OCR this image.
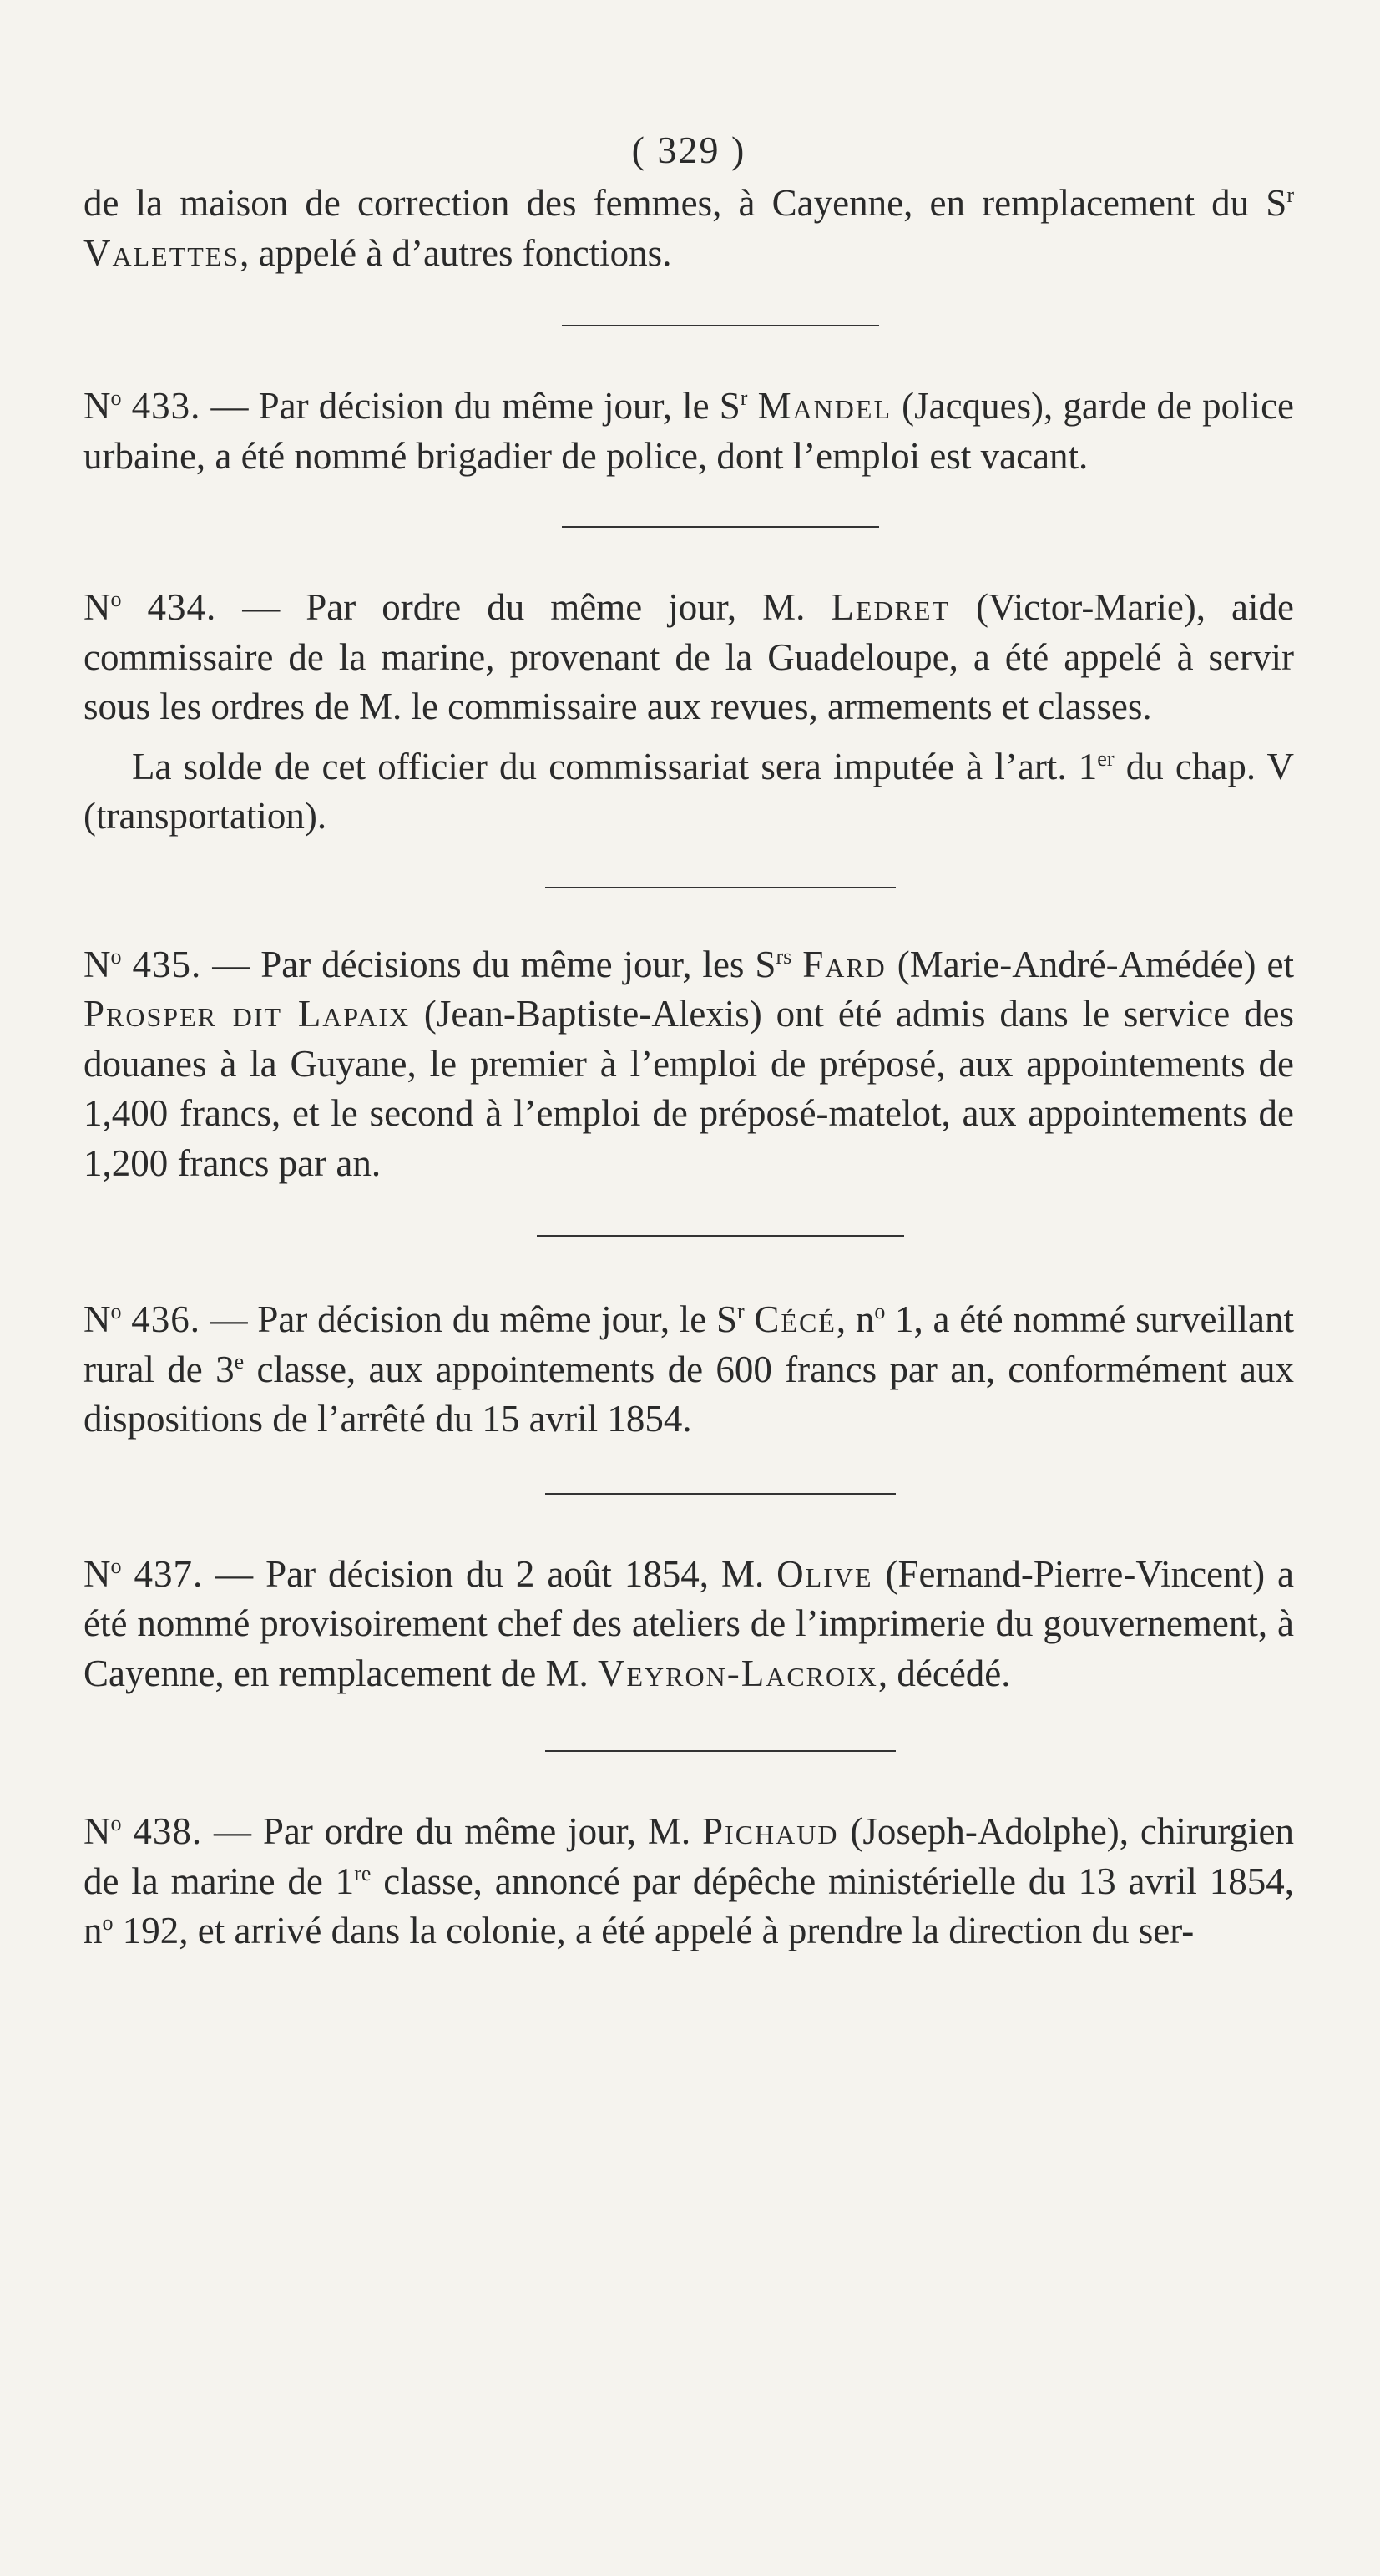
( 329 )

de la maison de correction des femmes, à Cayenne, en remplacement du $S^r$ Valettes, appelé à d’autres fonctions.

$N^o$ 433. — Par décision du même jour, le $S^r$ Mandel (Jacques), garde de police urbaine, a été nommé brigadier de police, dont l’emploi est vacant.

$N^o$ 434. — Par ordre du même jour, M. Ledret (Victor-Marie), aide commissaire de la marine, provenant de la Guadeloupe, a été appelé à servir sous les ordres de M. le commissaire aux revues, armements et classes.

La solde de cet officier du commissariat sera imputée à l’art. 1er du chap. V (transportation).

$N^o$ 435. — Par décisions du même jour, les $S^{rs}$ Fard (Marie-André-Amédée) et Prosper dit Lapaix (Jean-Baptiste-Alexis) ont été admis dans le service des douanes à la Guyane, le premier à l’emploi de préposé, aux appointements de 1,400 francs, et le second à l’emploi de préposé-matelot, aux appointements de 1,200 francs par an.

$N^o$ 436. — Par décision du même jour, le $S^r$ Cécé, $n^o$ 1, a été nommé surveillant rural de 3e classe, aux appointements de 600 francs par an, conformément aux dispositions de l’arrêté du 15 avril 1854.

$N^o$ 437. — Par décision du 2 août 1854, M. Olive (Fernand-Pierre-Vincent) a été nommé provisoirement chef des ateliers de l’imprimerie du gouvernement, à Cayenne, en remplacement de M. Veyron-Lacroix, décédé.

$N^o$ 438. — Par ordre du même jour, M. Pichaud (Joseph-Adolphe), chirurgien de la marine de 1re classe, annoncé par dépêche ministérielle du 13 avril 1854, $n^o$ 192, et arrivé dans la colonie, a été appelé à prendre la direction du ser-
